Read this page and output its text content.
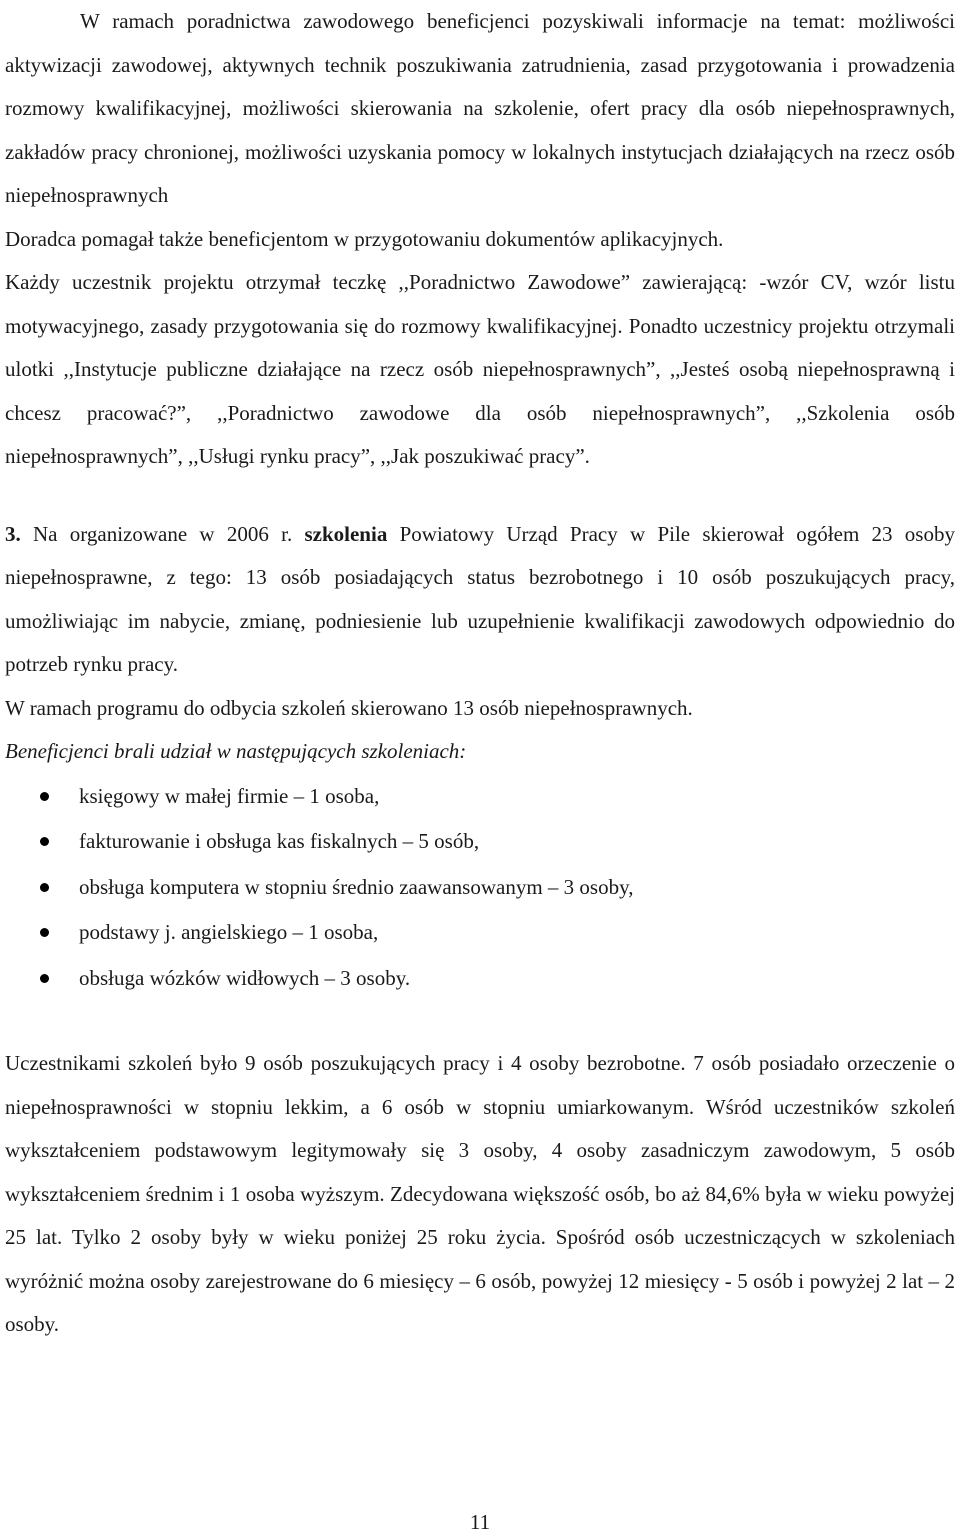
W ramach poradnictwa zawodowego beneficjenci pozyskiwali informacje na temat: możliwości aktywizacji zawodowej, aktywnych technik poszukiwania zatrudnienia, zasad przygotowania i prowadzenia rozmowy kwalifikacyjnej, możliwości skierowania na szkolenie, ofert pracy dla osób niepełnosprawnych, zakładów pracy chronionej, możliwości uzyskania pomocy w lokalnych instytucjach działających na rzecz osób niepełnosprawnych

Doradca pomagał także beneficjentom w przygotowaniu dokumentów aplikacyjnych.

Każdy uczestnik projektu otrzymał teczkę ,,Poradnictwo Zawodowe” zawierającą: -wzór CV, wzór listu motywacyjnego, zasady przygotowania się do rozmowy kwalifikacyjnej. Ponadto uczestnicy projektu otrzymali ulotki ,,Instytucje publiczne działające na rzecz osób niepełnosprawnych”, ,,Jesteś osobą niepełnosprawną i chcesz pracować?”, ,,Poradnictwo zawodowe dla osób niepełnosprawnych”, ,,Szkolenia osób niepełnosprawnych”, ,,Usługi rynku pracy”, ,,Jak poszukiwać pracy”.

3. Na organizowane w 2006 r. szkolenia Powiatowy Urząd Pracy w Pile skierował ogółem 23 osoby niepełnosprawne, z tego: 13 osób posiadających status bezrobotnego i 10 osób poszukujących pracy, umożliwiając im nabycie, zmianę, podniesienie lub uzupełnienie kwalifikacji zawodowych odpowiednio do potrzeb rynku pracy.

W ramach programu do odbycia szkoleń skierowano 13 osób niepełnosprawnych.

Beneficjenci brali udział w następujących szkoleniach:

księgowy w małej firmie – 1 osoba,
fakturowanie i obsługa kas fiskalnych – 5 osób,
obsługa komputera w stopniu średnio zaawansowanym – 3 osoby,
podstawy j. angielskiego – 1 osoba,
obsługa wózków widłowych – 3 osoby.

Uczestnikami szkoleń było 9 osób poszukujących pracy i 4 osoby bezrobotne. 7 osób posiadało orzeczenie o niepełnosprawności w stopniu lekkim, a 6 osób w stopniu umiarkowanym. Wśród uczestników szkoleń wykształceniem podstawowym legitymowały się 3 osoby, 4 osoby zasadniczym zawodowym, 5 osób wykształceniem średnim i 1 osoba wyższym. Zdecydowana większość osób, bo aż 84,6% była w wieku powyżej 25 lat. Tylko 2 osoby były w wieku poniżej 25 roku życia. Spośród osób uczestniczących w szkoleniach wyróżnić można osoby zarejestrowane do 6 miesięcy – 6 osób, powyżej 12 miesięcy - 5 osób i powyżej 2 lat – 2 osoby.

11
